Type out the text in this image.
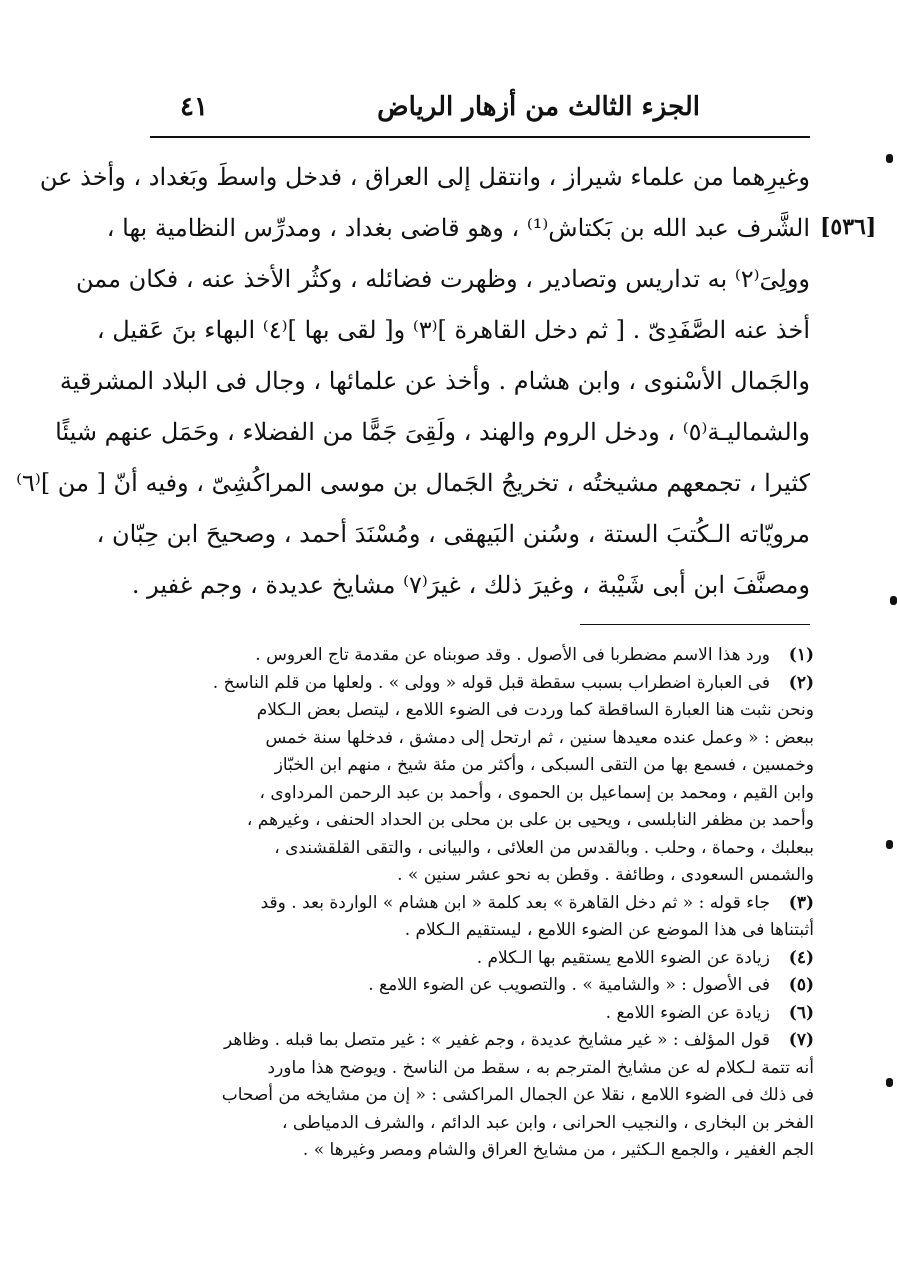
الجزء الثالث من أزهار الرياض
٤١
[٥٣٦]
وغيرِهما من علماء شيراز ، وانتقل إلى العراق ، فدخل واسطَ وبَغداد ، وأخذ عن
الشَّرف عبد الله بن بَكتاش⁽¹⁾ ، وهو قاضى بغداد ، ومدرِّس النظامية بها ،
وولِىَ⁽٢⁾ به تداريس وتصادير ، وظهرت فضائله ، وكثُر الأخذ عنه ، فكان ممن
أخذ عنه الصَّفَدِىّ . [ ثم دخل القاهرة ]⁽٣⁾ و[ لقى بها ]⁽٤⁾ البهاء بنَ عَقيل ،
والجَمال الأسْنوى ، وابن هشام . وأخذ عن علمائها ، وجال فى البلاد المشرقية
والشماليـة⁽٥⁾ ، ودخل الروم والهند ، ولَقِىَ جَمًّا من الفضلاء ، وحَمَل عنهم شيئًا
كثيرا ، تجمعهم مشيختُه ، تخريجُ الجَمال بن موسى المراكُشِىّ ، وفيه أنّ [ من ]⁽٦⁾
مرويّاته الـكُتبَ الستة ، وسُنن البَيهقى ، ومُسْنَدَ أحمد ، وصحيحَ ابن حِبّان ،
ومصنَّفَ ابن أبى شَيْبة ، وغيرَ ذلك ، غيرَ⁽٧⁾ مشايخ عديدة ، وجم غفير .
(١)ورد هذا الاسم مضطربا فى الأصول . وقد صوبناه عن مقدمة تاج العروس .
(٢)فى العبارة اضطراب بسبب سقطة قبل قوله « وولى » . ولعلها من قلم الناسخ .
ونحن نثبت هنا العبارة الساقطة كما وردت فى الضوء اللامع ، ليتصل بعض الـكلام
ببعض : « وعمل عنده معيدها سنين ، ثم ارتحل إلى دمشق ، فدخلها سنة خمس
وخمسين ، فسمع بها من التقى السبكى ، وأكثر من مئة شيخ ، منهم ابن الخبّاز
وابن القيم ، ومحمد بن إسماعيل بن الحموى ، وأحمد بن عبد الرحمن المرداوى ،
وأحمد بن مظفر النابلسى ، ويحيى بن على بن محلى بن الحداد الحنفى ، وغيرهم ،
ببعلبك ، وحماة ، وحلب . وبالقدس من العلائى ، والبيانى ، والتقى القلقشندى ،
والشمس السعودى ، وطائفة . وقطن به نحو عشر سنين » .
(٣)جاء قوله : « ثم دخل القاهرة » بعد كلمة « ابن هشام » الواردة بعد . وقد
أثبتناها فى هذا الموضع عن الضوء اللامع ، ليستقيم الـكلام .
(٤)زيادة عن الضوء اللامع يستقيم بها الـكلام .
(٥)فى الأصول : « والشامية » . والتصويب عن الضوء اللامع .
(٦)زيادة عن الضوء اللامع .
(٧)قول المؤلف : « غير مشايخ عديدة ، وجم غفير » : غير متصل بما قبله . وظاهر
أنه تتمة لـكلام له عن مشايخ المترجم به ، سقط من الناسخ . ويوضح هذا ماورد
فى ذلك فى الضوء اللامع ، نقلا عن الجمال المراكشى : « إن من مشايخه من أصحاب
الفخر بن البخارى ، والنجيب الحرانى ، وابن عبد الدائم ، والشرف الدمياطى ،
الجم الغفير ، والجمع الـكثير ، من مشايخ العراق والشام ومصر وغيرها » .
